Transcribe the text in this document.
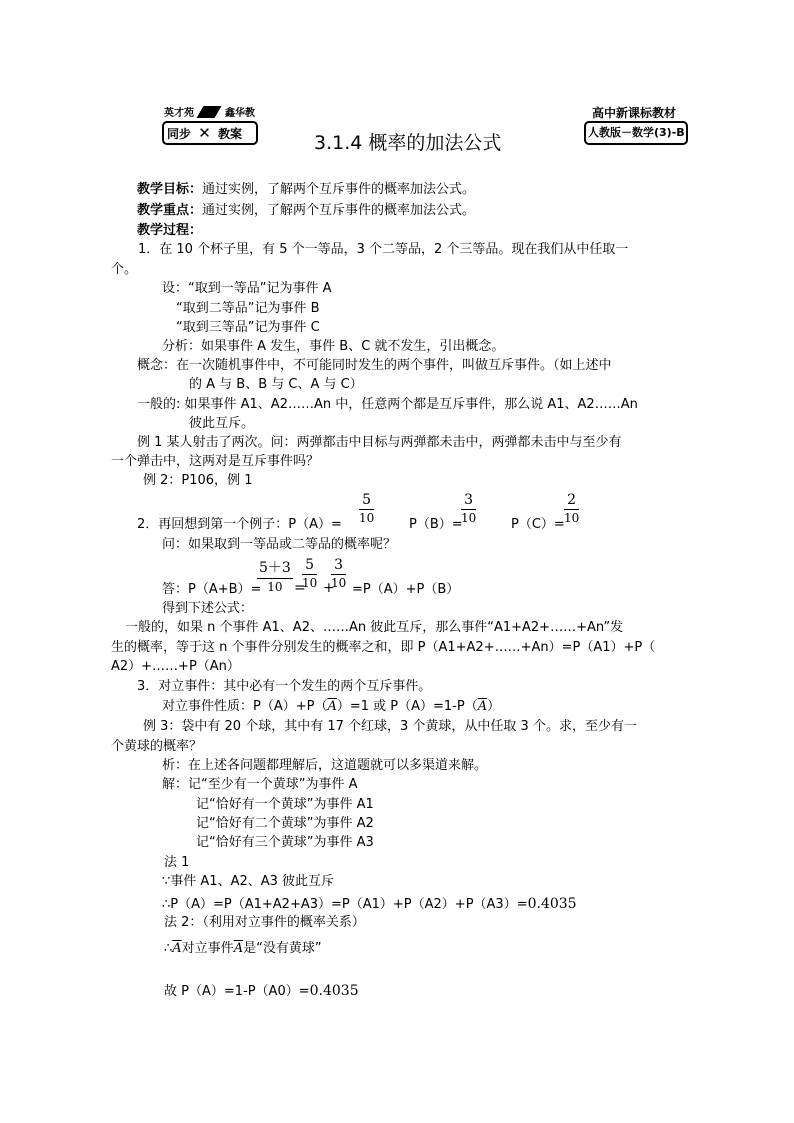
英才苑	鑫华教
同步 ✕ 教案
高中新课标教材
人教版－数学(3)-B
3.1.4 概率的加法公式
教学目标：通过实例，了解两个互斥事件的概率加法公式。
教学重点：通过实例，了解两个互斥事件的概率加法公式。
教学过程：
1．在 10 个杯子里，有 5 个一等品，3 个二等品，2 个三等品。现在我们从中任取一
个。
设：“取到一等品”记为事件 A
“取到二等品”记为事件 B
“取到三等品”记为事件 C
分析：如果事件 A 发生，事件 B、C 就不发生，引出概念。
概念：在一次随机事件中，不可能同时发生的两个事件，叫做互斥事件。（如上述中
的 A 与 B、B 与 C、A 与 C）
一般的: 如果事件 A1、A2……An 中，任意两个都是互斥事件，那么说 A1、A2……An
彼此互斥。
例 1 某人射击了两次。问：两弹都击中目标与两弹都未击中，两弹都未击中与至少有
一个弹击中，这两对是互斥事件吗？
例 2：P106，例 1
2．再回想到第一个例子：$P(A)= \frac{5}{10}$	P（B）=
$\frac{3}{10}$	$P(C)= \frac{2}{10}$
问：如果取到一等品或二等品的概率呢？
答：P（A+B）=
$\frac{5+3}{10}$ =
$\frac{5}{10}$ +
$\frac{3}{10} =P(A)+P(B)$
得到下述公式：
一般的，如果 n 个事件 A1、A2、……An 彼此互斥，那么事件“A1+A2+……+An”发
生的概率，等于这 n 个事件分别发生的概率之和，即 P（A1+A2+……+An）=P（A1）+P（
A2）+……+P（An）
3．对立事件：其中必有一个发生的两个互斥事件。
对立事件性质：$P(A)+P(\overline{A})=1$ 或 $P(A)=1-P(\overline{A})$
例 3：袋中有 20 个球，其中有 17 个红球，3 个黄球，从中任取 3 个。求，至少有一
个黄球的概率？
析：在上述各问题都理解后，这道题就可以多渠道来解。
解：记“至少有一个黄球”为事件 A
记“恰好有一个黄球”为事件 A1
记“恰好有二个黄球”为事件 A2
记“恰好有三个黄球”为事件 A3
法 1
∵事件 A1、A2、A3 彼此互斥
∴P（A）=P（A1+A2+A3）=P（A1）+P（A2）+P（A3）=0.4035
法 2：（利用对立事件的概率关系）
$\therefore\overline{A}$对立事件$\overline{A}$是“没有黄球”
故 P（A）=1-P（A0）=0.4035
